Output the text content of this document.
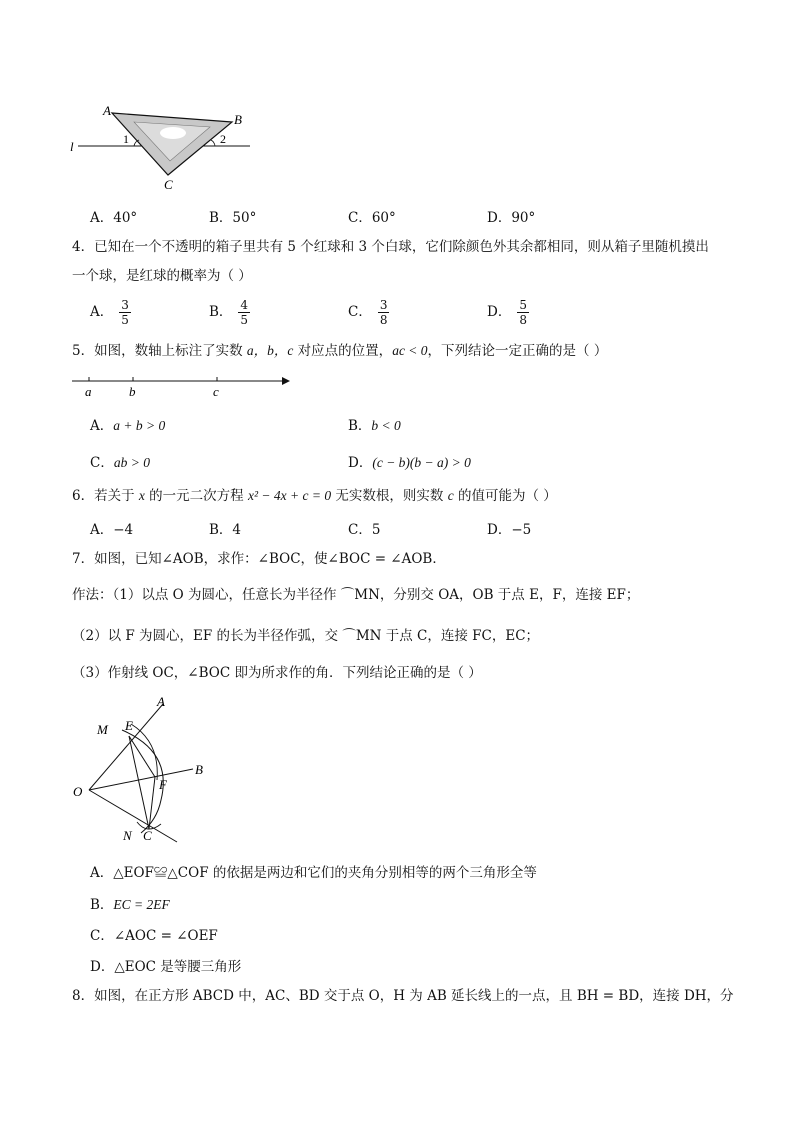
A
B
C
l	1	2
A．40°	B．50°	C．60°	D．90°
4．已知在一个不透明的箱子里共有 5 个红球和 3 个白球，它们除颜色外其余都相同，则从箱子里随机摸出
一个球，是红球的概率为（ ）
A． $\frac{3}{5}$	B． $\frac{4}{5}$	C． $\frac{3}{8}$	D． $\frac{5}{8}$
5．如图，数轴上标注了实数 a，b，c 对应点的位置，ac < 0，下列结论一定正确的是（ ）
a	b	c
A．a + b > 0	B．b < 0
C．ab > 0	D．(c − b)(b − a) > 0
6．若关于 x 的一元二次方程 x² − 4x + c = 0 无实数根，则实数 c 的值可能为（ ）
A．−4	B．4	C．5	D．−5
7．如图，已知∠AOB，求作：∠BOC，使∠BOC = ∠AOB．
作法：（1）以点 O 为圆心，任意长为半径作 ⌒MN，分别交 OA，OB 于点 E，F，连接 EF；
（2）以 F 为圆心，EF 的长为半径作弧，交 ⌒MN 于点 C，连接 FC，EC；
（3）作射线 OC，∠BOC 即为所求作的角．下列结论正确的是（ ）
A
B
C
O
E
F
M
N
A．△EOF≌△COF 的依据是两边和它们的夹角分别相等的两个三角形全等
B．EC = 2EF
C．∠AOC = ∠OEF
D．△EOC 是等腰三角形
8．如图，在正方形 ABCD 中，AC、BD 交于点 O，H 为 AB 延长线上的一点，且 BH = BD，连接 DH，分
